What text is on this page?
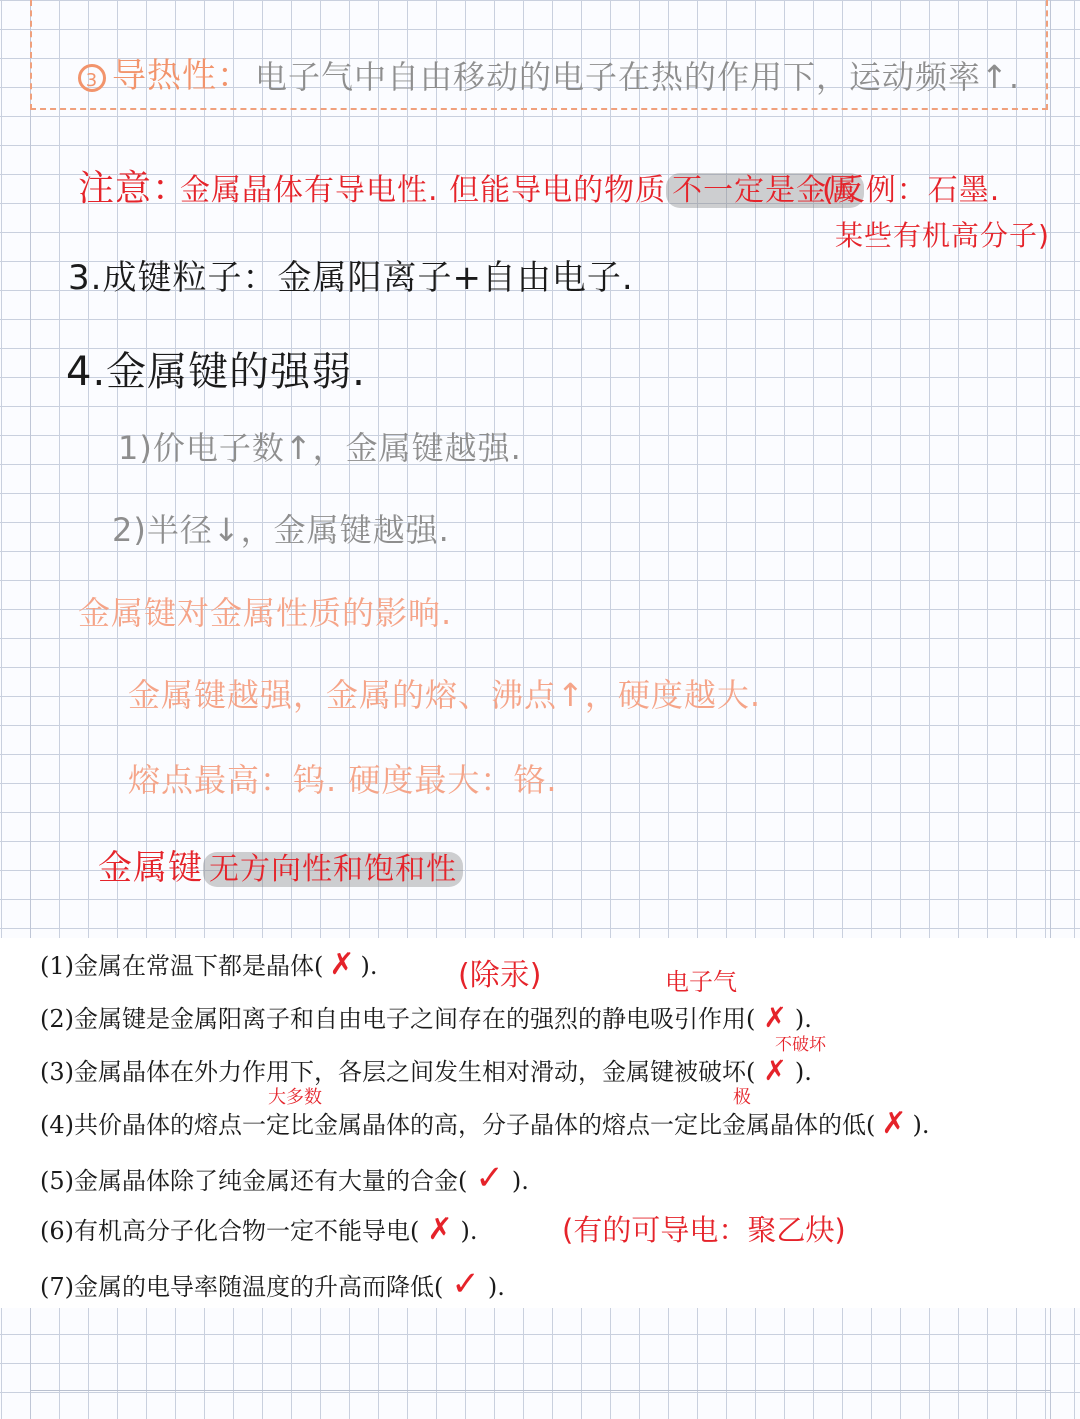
3 导热性： 电子气中自由移动的电子在热的作用下，运动频率↑.
注意：
金属晶体有导电性. 但能导电的物质 不一定是金属
(反例：石墨.
某些有机高分子)
3.成键粒子：金属阳离子+自由电子.
4.金属键的强弱.
1)价电子数↑，金属键越强.
2)半径↓，金属键越强.
金属键对金属性质的影响.
金属键越强，金属的熔、沸点↑，硬度越大.
熔点最高：钨. 硬度最大：铬.
金属键 无方向性和饱和性
(1)金属在常温下都是晶体( ✗ ).
(2)金属键是金属阳离子和自由电子之间存在的强烈的静电吸引作用( ✗ ).
(3)金属晶体在外力作用下，各层之间发生相对滑动，金属键被破坏( ✗ ).
(4)共价晶体的熔点一定比金属晶体的高，分子晶体的熔点一定比金属晶体的低( ✗ ).
(5)金属晶体除了纯金属还有大量的合金( ✓ ).
(6)有机高分子化合物一定不能导电( ✗ ).
(7)金属的电导率随温度的升高而降低( ✓ ).
(除汞)	电子气
不破坏
大多数	极
(有的可导电：聚乙炔)
